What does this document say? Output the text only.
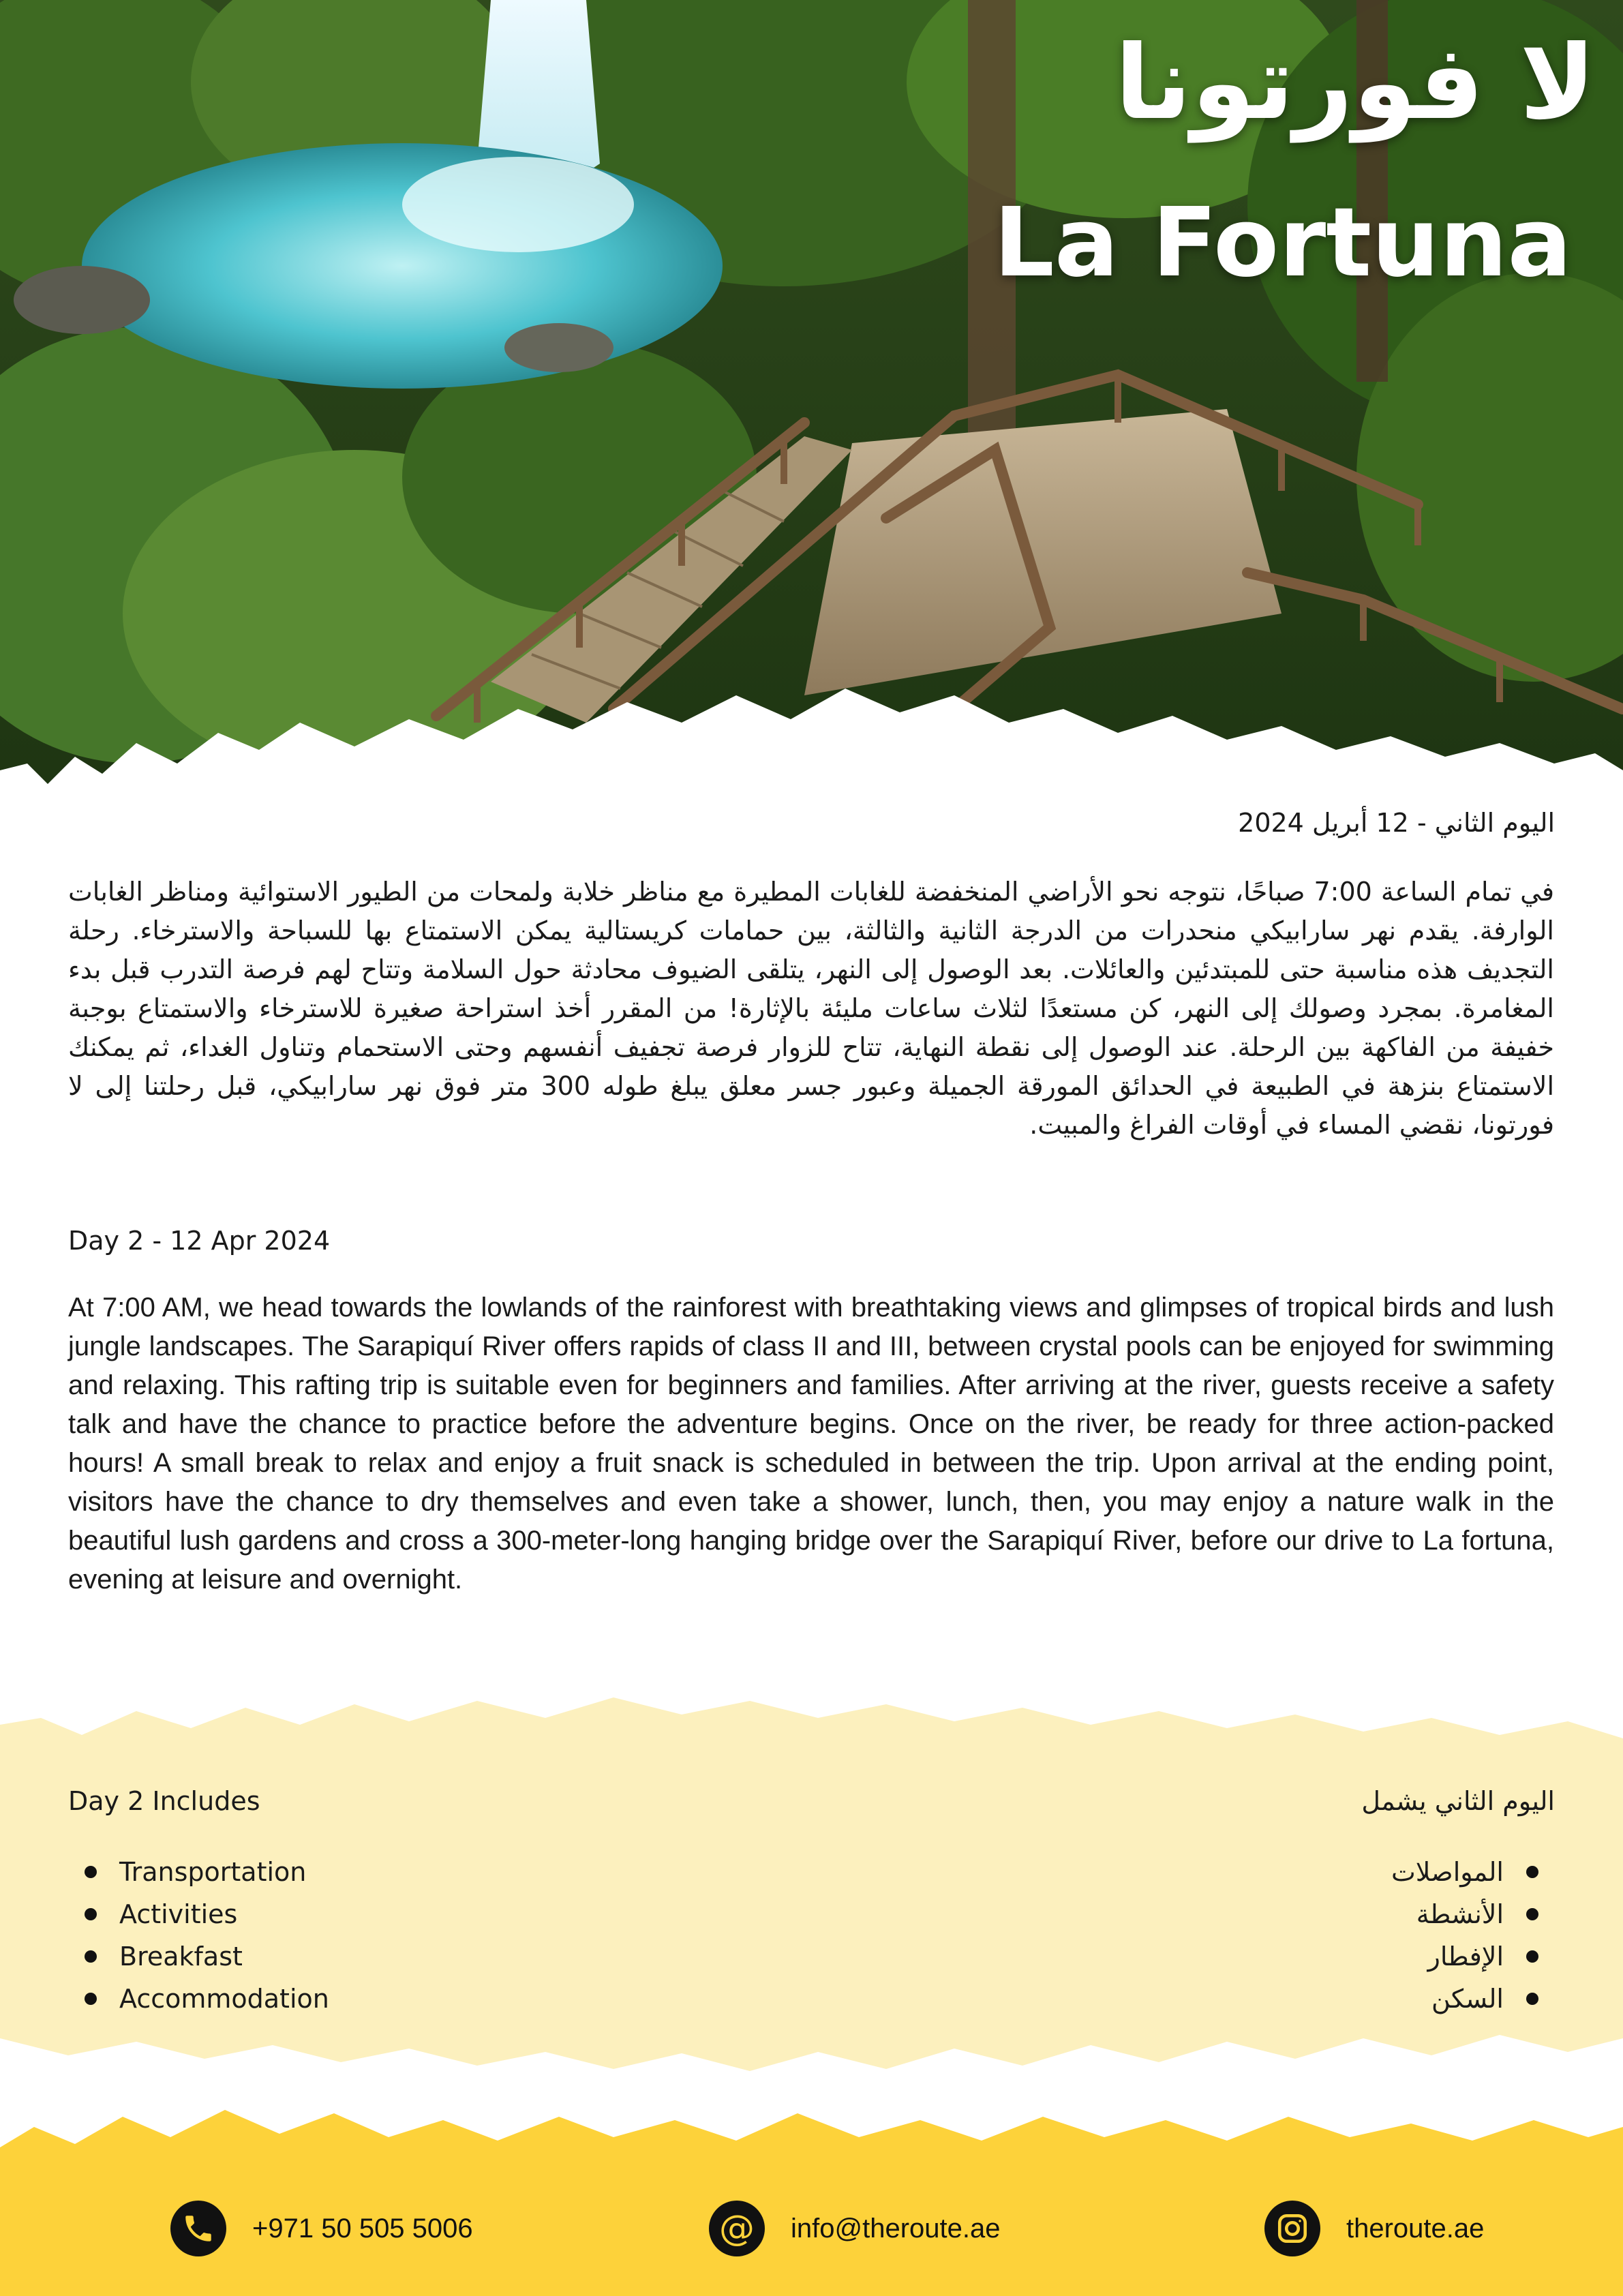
لا فورتونا
La Fortuna
اليوم الثاني - 12 أبريل 2024

في تمام الساعة 7:00 صباحًا، نتوجه نحو الأراضي المنخفضة للغابات المطيرة مع مناظر خلابة ولمحات من الطيور الاستوائية ومناظر الغابات الوارفة. يقدم نهر سارابيكي منحدرات من الدرجة الثانية والثالثة، بين حمامات كريستالية يمكن الاستمتاع بها للسباحة والاسترخاء. رحلة التجديف هذه مناسبة حتى للمبتدئين والعائلات. بعد الوصول إلى النهر، يتلقى الضيوف محادثة حول السلامة وتتاح لهم فرصة التدرب قبل بدء المغامرة. بمجرد وصولك إلى النهر، كن مستعدًا لثلاث ساعات مليئة بالإثارة! من المقرر أخذ استراحة صغيرة للاسترخاء والاستمتاع بوجبة خفيفة من الفاكهة بين الرحلة. عند الوصول إلى نقطة النهاية، تتاح للزوار فرصة تجفيف أنفسهم وحتى الاستحمام وتناول الغداء، ثم يمكنك الاستمتاع بنزهة في الطبيعة في الحدائق المورقة الجميلة وعبور جسر معلق يبلغ طوله 300 متر فوق نهر سارابيكي، قبل رحلتنا إلى لا فورتونا، نقضي المساء في أوقات الفراغ والمبيت.

Day 2 - 12 Apr 2024

At 7:00 AM, we head towards the lowlands of the rainforest with breathtaking views and glimpses of tropical birds and lush jungle landscapes. The Sarapiquí River offers rapids of class II and III, between crystal pools can be enjoyed for swimming and relaxing. This rafting trip is suitable even for beginners and families. After arriving at the river, guests receive a safety talk and have the chance to practice before the adventure begins. Once on the river, be ready for three action-packed hours! A small break to relax and enjoy a fruit snack is scheduled in between the trip. Upon arrival at the ending point, visitors have the chance to dry themselves and even take a shower, lunch, then, you may enjoy a nature walk in the beautiful lush gardens and cross a 300-meter-long hanging bridge over the Sarapiquí River, before our drive to La fortuna, evening at leisure and overnight.

Day 2 Includes	اليوم الثاني يشمل
Transportation
Activities
Breakfast
Accommodation
المواصلات
الأنشطة
الإفطار
السكن
+971 50 505 5006	@ info@theroute.ae	theroute.ae
